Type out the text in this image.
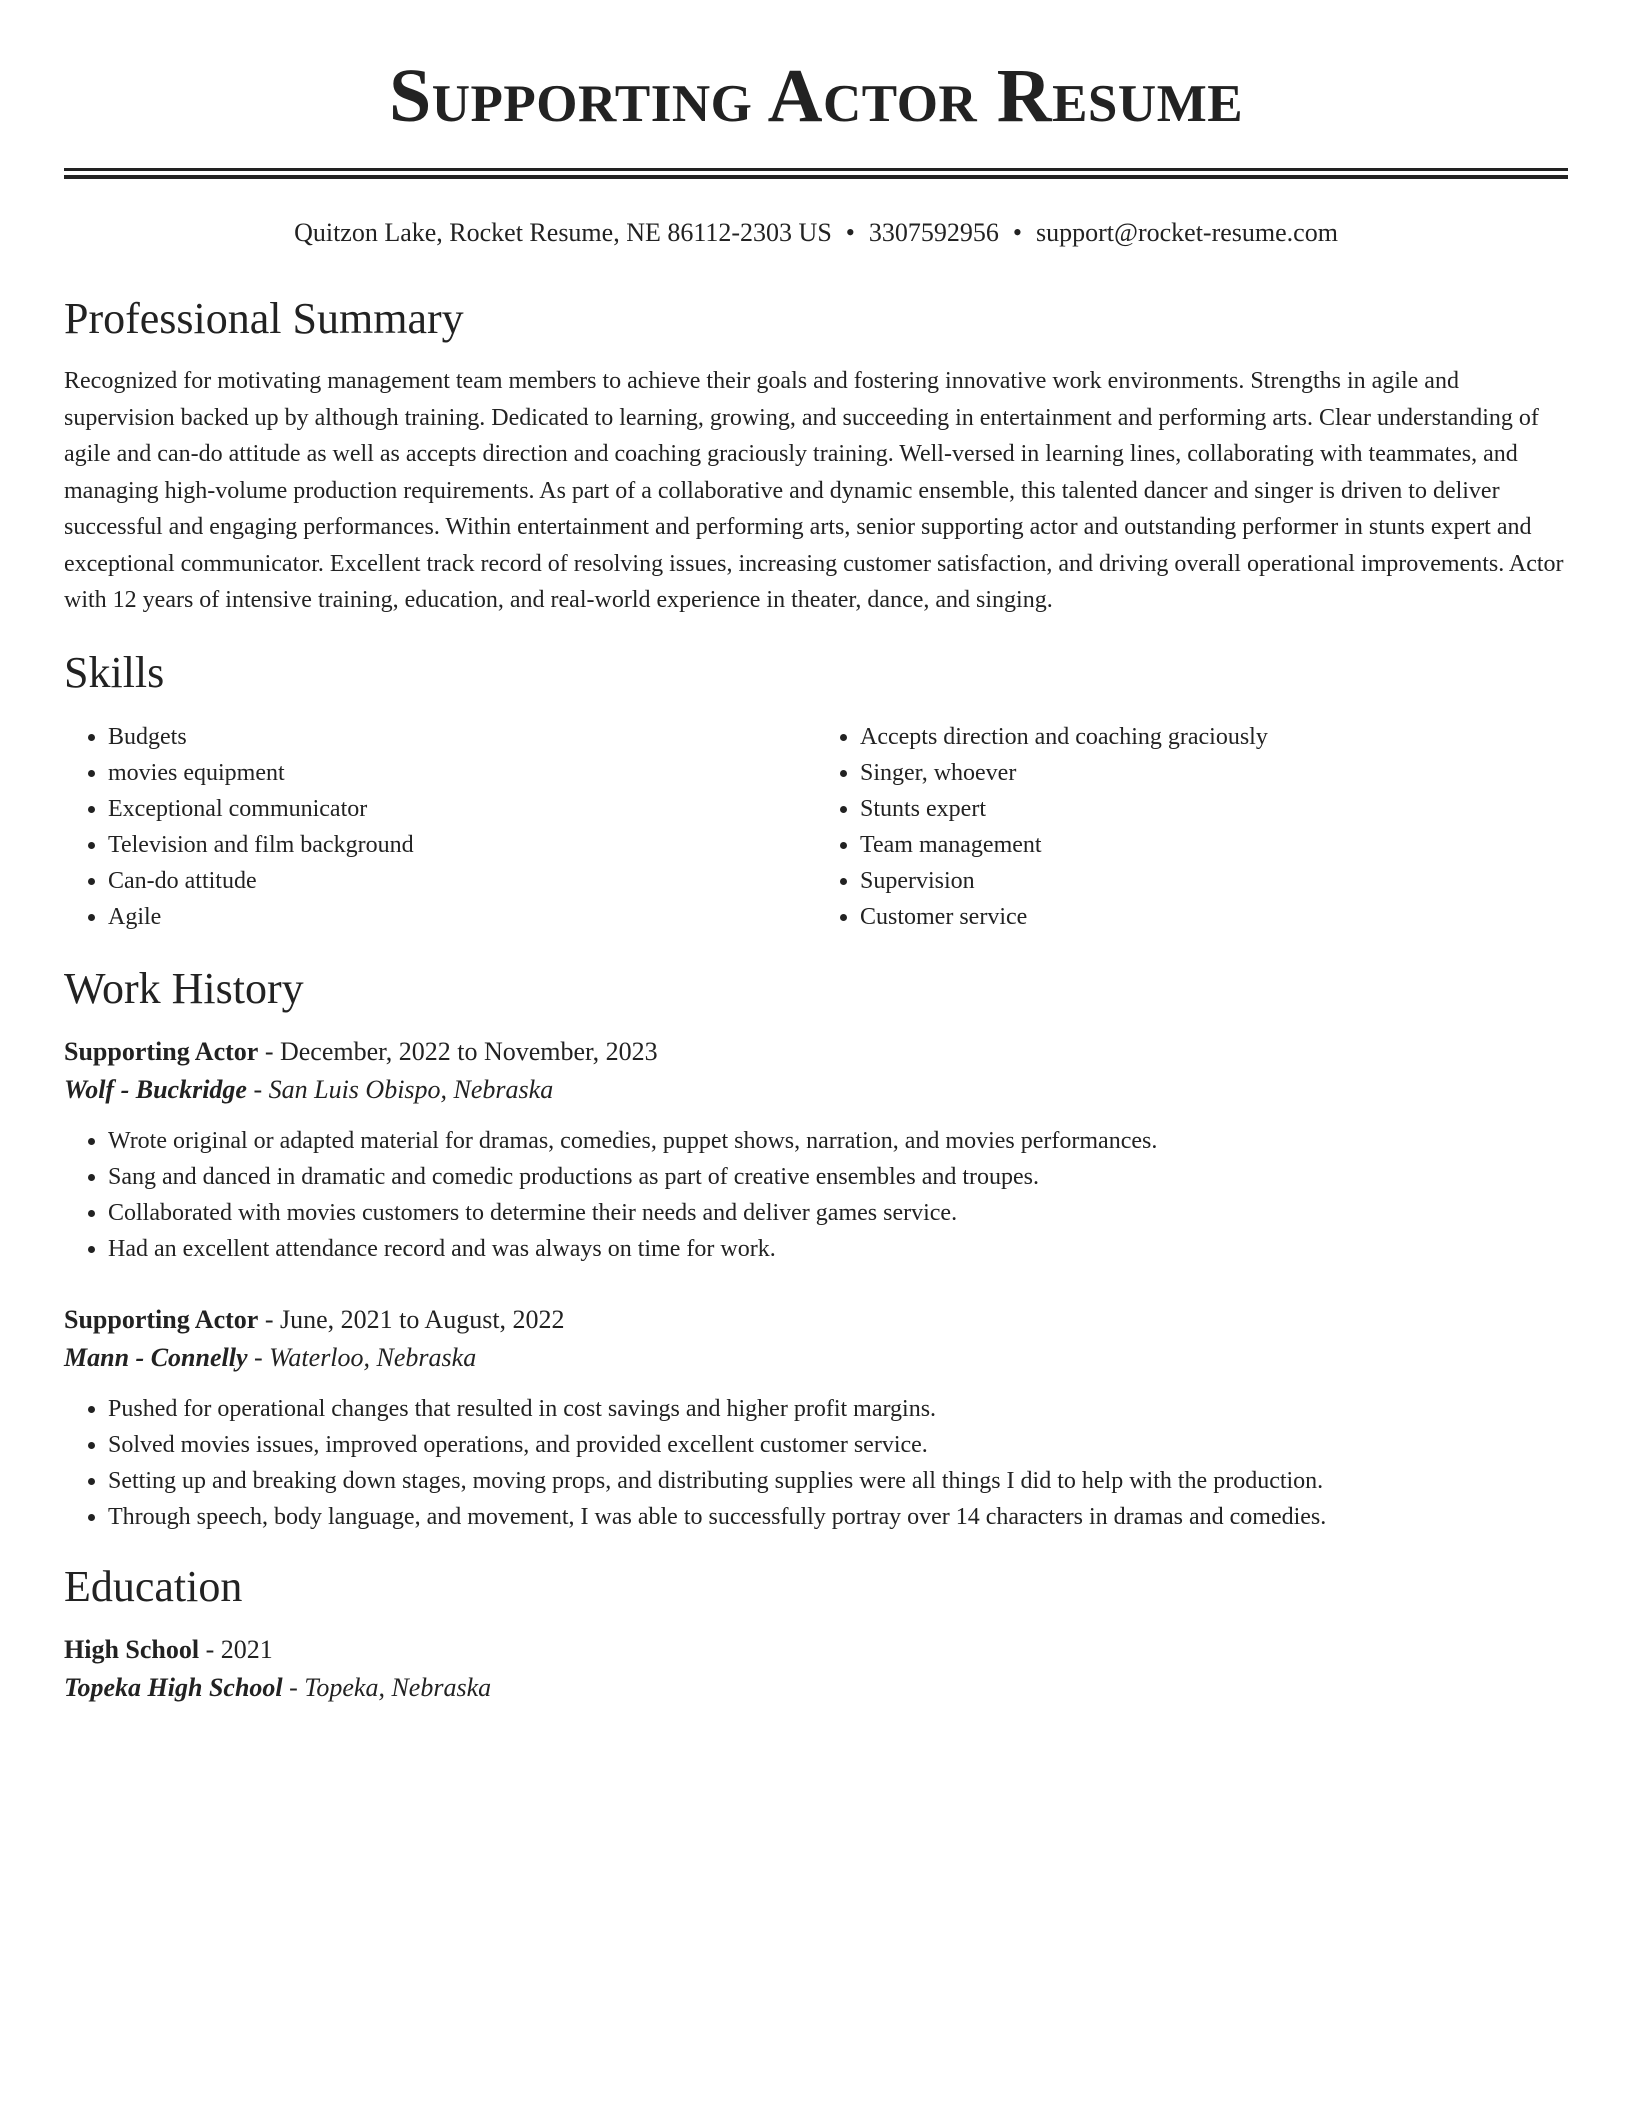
Supporting Actor Resume
Quitzon Lake, Rocket Resume, NE 86112-2303 US • 3307592956 • support@rocket-resume.com
Professional Summary

Recognized for motivating management team members to achieve their goals and fostering innovative work environments. Strengths in agile and supervision backed up by although training. Dedicated to learning, growing, and succeeding in entertainment and performing arts. Clear understanding of agile and can-do attitude as well as accepts direction and coaching graciously training. Well-versed in learning lines, collaborating with teammates, and managing high-volume production requirements. As part of a collaborative and dynamic ensemble, this talented dancer and singer is driven to deliver successful and engaging performances. Within entertainment and performing arts, senior supporting actor and outstanding performer in stunts expert and exceptional communicator. Excellent track record of resolving issues, increasing customer satisfaction, and driving overall operational improvements. Actor with 12 years of intensive training, education, and real-world experience in theater, dance, and singing.

Skills
• Budgets
• movies equipment
• Exceptional communicator
• Television and film background
• Can-do attitude
• Agile
• Accepts direction and coaching graciously
• Singer, whoever
• Stunts expert
• Team management
• Supervision
• Customer service
Work History
Supporting Actor - December, 2022 to November, 2023
Wolf - Buckridge - San Luis Obispo, Nebraska
• Wrote original or adapted material for dramas, comedies, puppet shows, narration, and movies performances.
• Sang and danced in dramatic and comedic productions as part of creative ensembles and troupes.
• Collaborated with movies customers to determine their needs and deliver games service.
• Had an excellent attendance record and was always on time for work.
Supporting Actor - June, 2021 to August, 2022
Mann - Connelly - Waterloo, Nebraska
• Pushed for operational changes that resulted in cost savings and higher profit margins.
• Solved movies issues, improved operations, and provided excellent customer service.
• Setting up and breaking down stages, moving props, and distributing supplies were all things I did to help with the production.
• Through speech, body language, and movement, I was able to successfully portray over 14 characters in dramas and comedies.
Education
High School - 2021
Topeka High School - Topeka, Nebraska
